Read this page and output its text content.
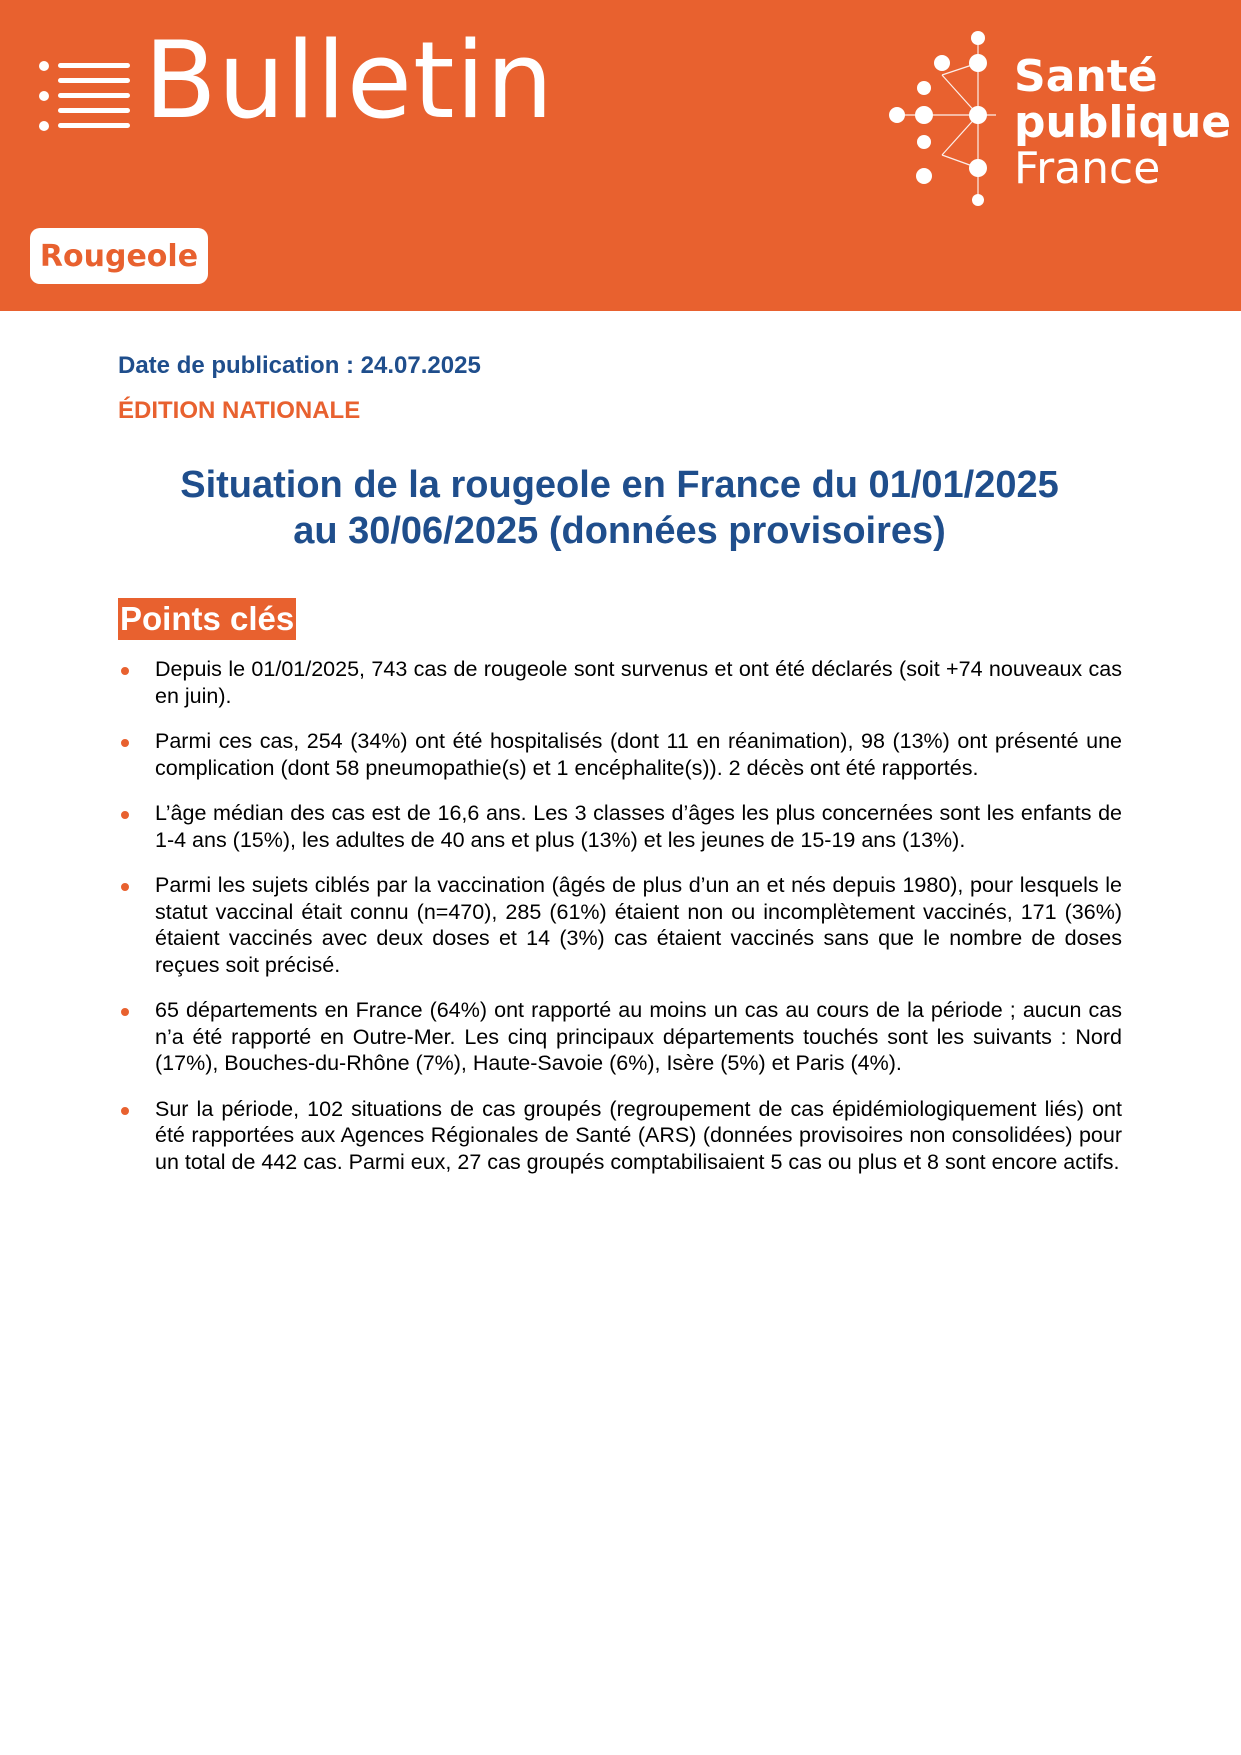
Bulletin	Santé
publique
France
Rougeole
Date de publication : 24.07.2025
ÉDITION NATIONALE
Situation de la rougeole en France du 01/01/2025
au 30/06/2025 (données provisoires)
Points clés
Depuis le 01/01/2025, 743 cas de rougeole sont survenus et ont été déclarés (soit +74 nouveaux cas en juin).
Parmi ces cas, 254 (34%) ont été hospitalisés (dont 11 en réanimation), 98 (13%) ont présenté une complication (dont 58 pneumopathie(s) et 1 encéphalite(s)). 2 décès ont été rapportés.
L’âge médian des cas est de 16,6 ans. Les 3 classes d’âges les plus concernées sont les enfants de 1-4 ans (15%), les adultes de 40 ans et plus (13%) et les jeunes de 15-19 ans (13%).
Parmi les sujets ciblés par la vaccination (âgés de plus d’un an et nés depuis 1980), pour lesquels le statut vaccinal était connu (n=470), 285 (61%) étaient non ou incomplètement vaccinés, 171 (36%) étaient vaccinés avec deux doses et 14 (3%) cas étaient vaccinés sans que le nombre de doses reçues soit précisé.
65 départements en France (64%) ont rapporté au moins un cas au cours de la période ; aucun cas n’a été rapporté en Outre-Mer. Les cinq principaux départements touchés sont les suivants : Nord (17%), Bouches-du-Rhône (7%), Haute-Savoie (6%), Isère (5%) et Paris (4%).
Sur la période, 102 situations de cas groupés (regroupement de cas épidémiologiquement liés) ont été rapportées aux Agences Régionales de Santé (ARS) (données provisoires non consolidées) pour un total de 442 cas. Parmi eux, 27 cas groupés comptabilisaient 5 cas ou plus et 8 sont encore actifs.
